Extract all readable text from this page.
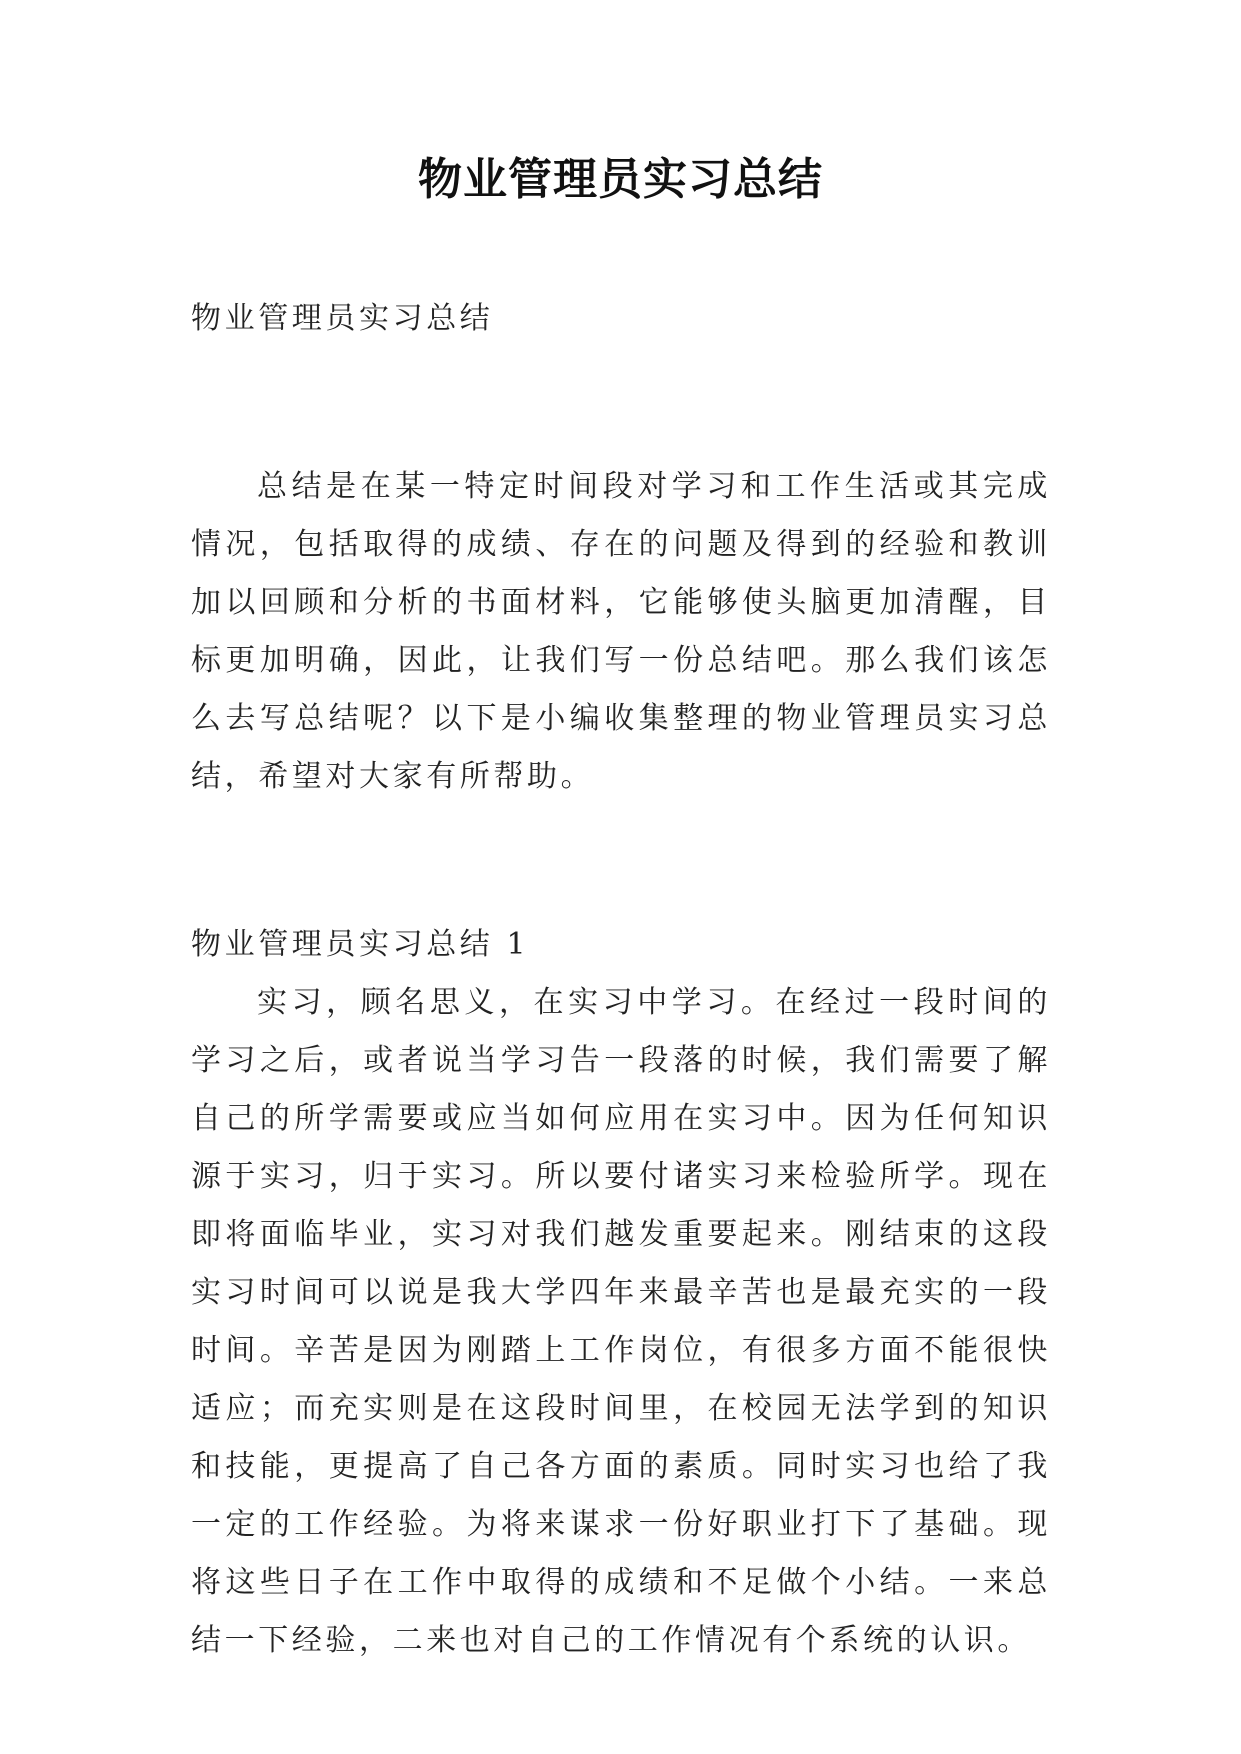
物业管理员实习总结

物业管理员实习总结

总结是在某一特定时间段对学习和工作生活或其完成情况，包括取得的成绩、存在的问题及得到的经验和教训加以回顾和分析的书面材料，它能够使头脑更加清醒，目标更加明确，因此，让我们写一份总结吧。那么我们该怎么去写总结呢？以下是小编收集整理的物业管理员实习总结，希望对大家有所帮助。

物业管理员实习总结 1

实习，顾名思义，在实习中学习。在经过一段时间的学习之后，或者说当学习告一段落的时候，我们需要了解自己的所学需要或应当如何应用在实习中。因为任何知识源于实习，归于实习。所以要付诸实习来检验所学。现在即将面临毕业，实习对我们越发重要起来。刚结束的这段实习时间可以说是我大学四年来最辛苦也是最充实的一段时间。辛苦是因为刚踏上工作岗位，有很多方面不能很快适应；而充实则是在这段时间里，在校园无法学到的知识和技能，更提高了自己各方面的素质。同时实习也给了我一定的工作经验。为将来谋求一份好职业打下了基础。现将这些日子在工作中取得的成绩和不足做个小结。一来总结一下经验，二来也对自己的工作情况有个系统的认识。
